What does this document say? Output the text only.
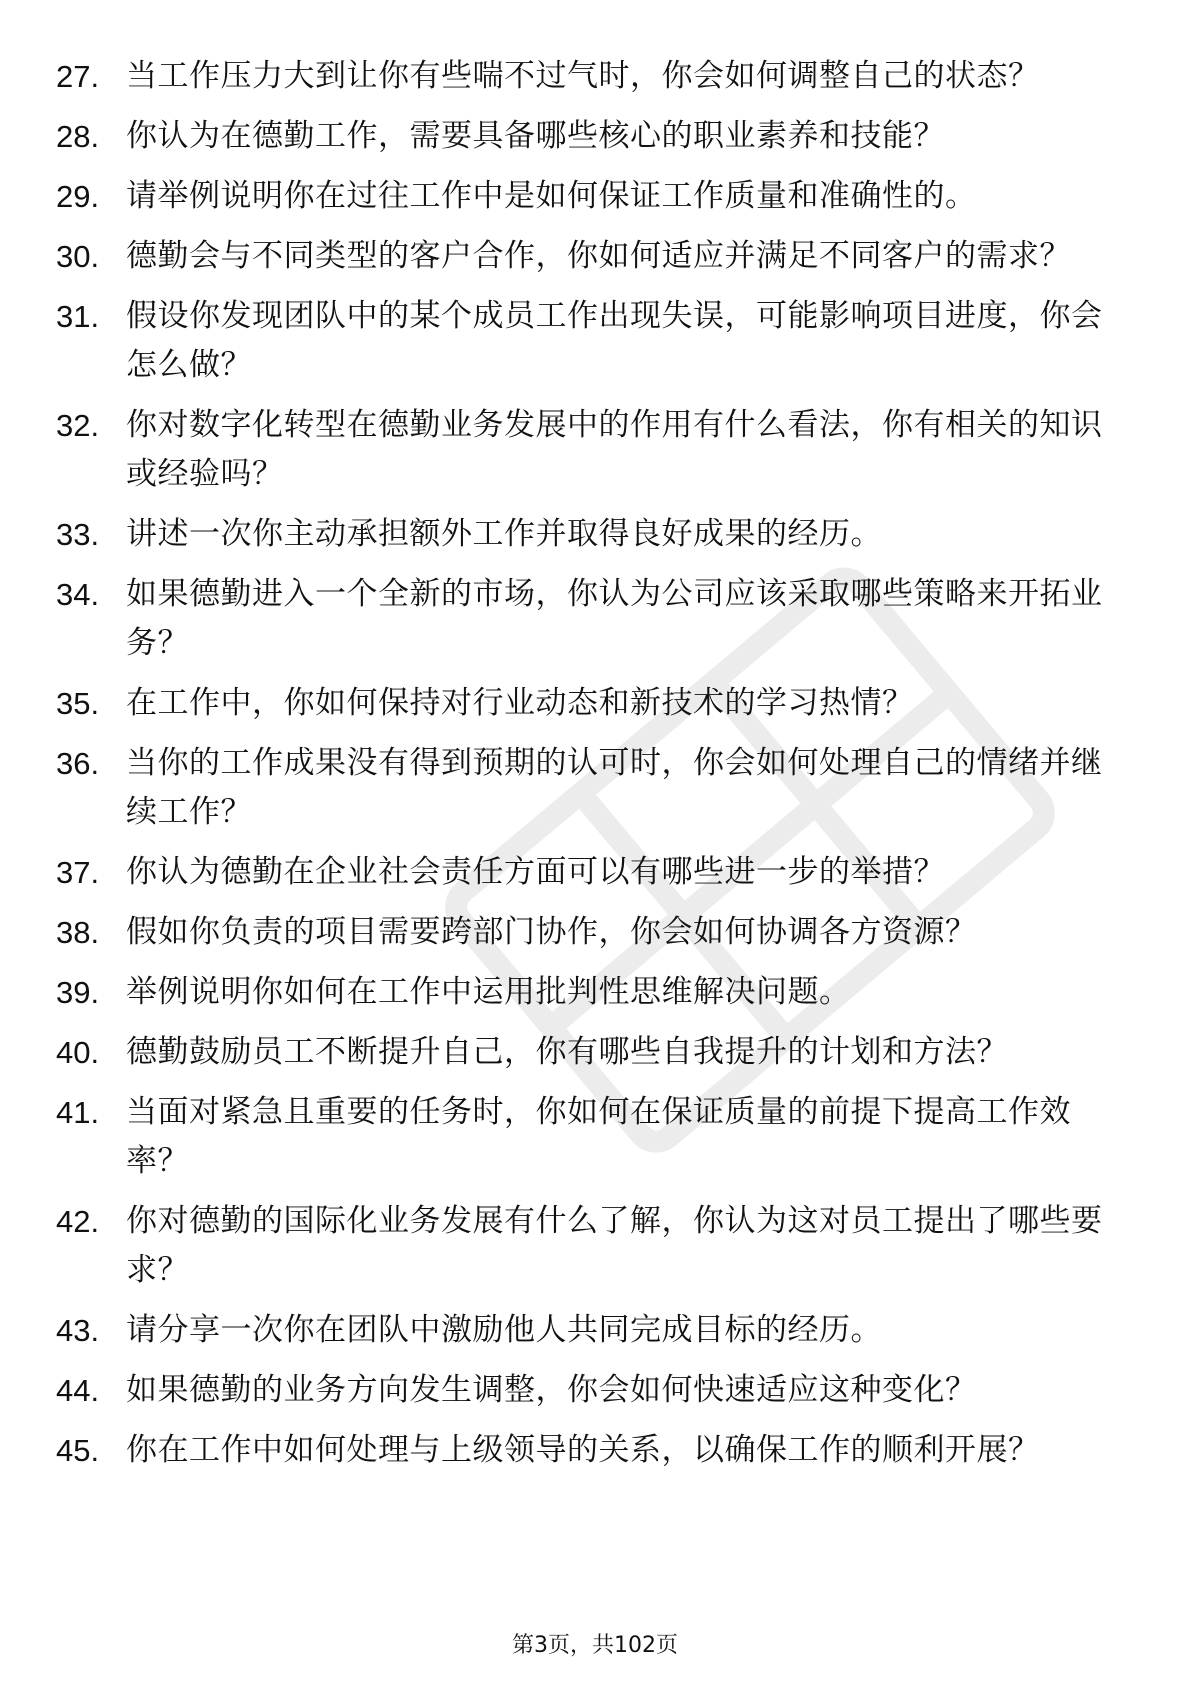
27. 当工作压力大到让你有些喘不过气时，你会如何调整自己的状态？
28. 你认为在德勤工作，需要具备哪些核心的职业素养和技能？
29. 请举例说明你在过往工作中是如何保证工作质量和准确性的。
30. 德勤会与不同类型的客户合作，你如何适应并满足不同客户的需求？
31. 假设你发现团队中的某个成员工作出现失误，可能影响项目进度，你会怎么做？
32. 你对数字化转型在德勤业务发展中的作用有什么看法，你有相关的知识或经验吗？
33. 讲述一次你主动承担额外工作并取得良好成果的经历。
34. 如果德勤进入一个全新的市场，你认为公司应该采取哪些策略来开拓业务？
35. 在工作中，你如何保持对行业动态和新技术的学习热情？
36. 当你的工作成果没有得到预期的认可时，你会如何处理自己的情绪并继续工作？
37. 你认为德勤在企业社会责任方面可以有哪些进一步的举措？
38. 假如你负责的项目需要跨部门协作，你会如何协调各方资源？
39. 举例说明你如何在工作中运用批判性思维解决问题。
40. 德勤鼓励员工不断提升自己，你有哪些自我提升的计划和方法？
41. 当面对紧急且重要的任务时，你如何在保证质量的前提下提高工作效率？
42. 你对德勤的国际化业务发展有什么了解，你认为这对员工提出了哪些要求？
43. 请分享一次你在团队中激励他人共同完成目标的经历。
44. 如果德勤的业务方向发生调整，你会如何快速适应这种变化？
45. 你在工作中如何处理与上级领导的关系，以确保工作的顺利开展？
第3页，共102页
